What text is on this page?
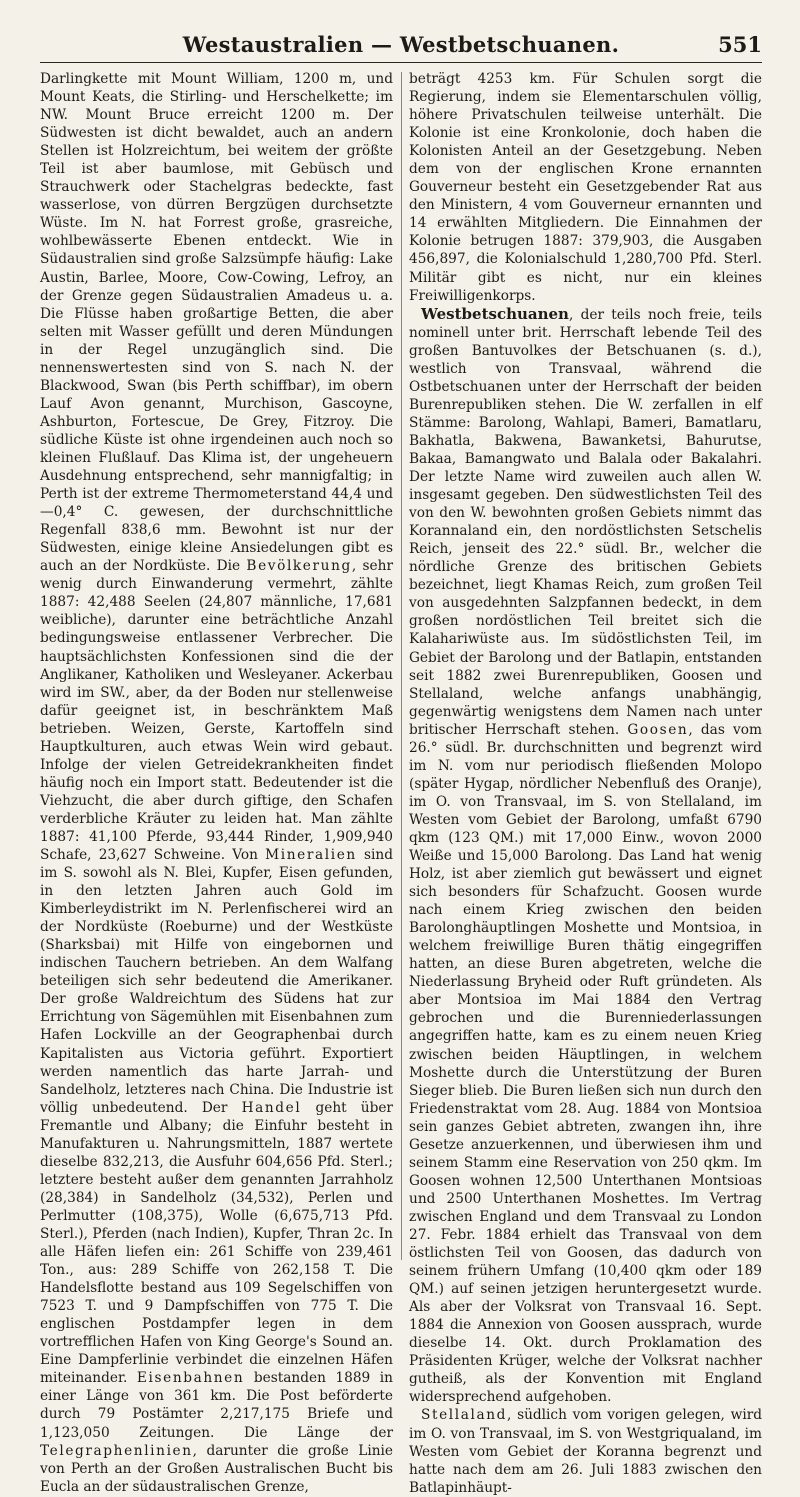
Westaustralien — Westbetschuanen.	551

Darlingkette mit Mount William, 1200 m, und Mount Keats, die Stirling- und Herschelkette; im NW. Mount Bruce erreicht 1200 m. Der Südwesten ist dicht bewaldet, auch an andern Stellen ist Holzreichtum, bei weitem der größte Teil ist aber baumlose, mit Gebüsch und Strauchwerk oder Stachelgras bedeckte, fast wasserlose, von dürren Bergzügen durchsetzte Wüste. Im N. hat Forrest große, grasreiche, wohlbewässerte Ebenen entdeckt. Wie in Südaustralien sind große Salzsümpfe häufig: Lake Austin, Barlee, Moore, Cow-Cowing, Lefroy, an der Grenze gegen Südaustralien Amadeus u. a. Die Flüsse haben großartige Betten, die aber selten mit Wasser gefüllt und deren Mündungen in der Regel unzugänglich sind. Die nennenswertesten sind von S. nach N. der Blackwood, Swan (bis Perth schiffbar), im obern Lauf Avon genannt, Murchison, Gascoyne, Ashburton, Fortescue, De Grey, Fitzroy. Die südliche Küste ist ohne irgendeinen auch noch so kleinen Flußlauf. Das Klima ist, der ungeheuern Ausdehnung entsprechend, sehr mannigfaltig; in Perth ist der extreme Thermometerstand 44,4 und —0,4° C. gewesen, der durchschnittliche Regenfall 838,6 mm. Bewohnt ist nur der Südwesten, einige kleine Ansiedelungen gibt es auch an der Nordküste. Die Bevölkerung, sehr wenig durch Einwanderung vermehrt, zählte 1887: 42,488 Seelen (24,807 männliche, 17,681 weibliche), darunter eine beträchtliche Anzahl bedingungsweise entlassener Verbrecher. Die hauptsächlichsten Konfessionen sind die der Anglikaner, Katholiken und Wesleyaner. Ackerbau wird im SW., aber, da der Boden nur stellenweise dafür geeignet ist, in beschränktem Maß betrieben. Weizen, Gerste, Kartoffeln sind Hauptkulturen, auch etwas Wein wird gebaut. Infolge der vielen Getreidekrankheiten findet häufig noch ein Import statt. Bedeutender ist die Viehzucht, die aber durch giftige, den Schafen verderbliche Kräuter zu leiden hat. Man zählte 1887: 41,100 Pferde, 93,444 Rinder, 1,909,940 Schafe, 23,627 Schweine. Von Mineralien sind im S. sowohl als N. Blei, Kupfer, Eisen gefunden, in den letzten Jahren auch Gold im Kimberleydistrikt im N. Perlenfischerei wird an der Nordküste (Roeburne) und der Westküste (Sharksbai) mit Hilfe von eingebornen und indischen Tauchern betrieben. An dem Walfang beteiligen sich sehr bedeutend die Amerikaner. Der große Waldreichtum des Südens hat zur Errichtung von Sägemühlen mit Eisenbahnen zum Hafen Lockville an der Geographenbai durch Kapitalisten aus Victoria geführt. Exportiert werden namentlich das harte Jarrah- und Sandelholz, letzteres nach China. Die Industrie ist völlig unbedeutend. Der Handel geht über Fremantle und Albany; die Einfuhr besteht in Manufakturen u. Nahrungsmitteln, 1887 wertete dieselbe 832,213, die Ausfuhr 604,656 Pfd. Sterl.; letztere besteht außer dem genannten Jarrahholz (28,384) in Sandelholz (34,532), Perlen und Perlmutter (108,375), Wolle (6,675,713 Pfd. Sterl.), Pferden (nach Indien), Kupfer, Thran 2c. In alle Häfen liefen ein: 261 Schiffe von 239,461 Ton., aus: 289 Schiffe von 262,158 T. Die Handelsflotte bestand aus 109 Segelschiffen von 7523 T. und 9 Dampfschiffen von 775 T. Die englischen Postdampfer legen in dem vortrefflichen Hafen von King George's Sound an. Eine Dampferlinie verbindet die einzelnen Häfen miteinander. Eisenbahnen bestanden 1889 in einer Länge von 361 km. Die Post beförderte durch 79 Postämter 2,217,175 Briefe und 1,123,050 Zeitungen. Die Länge der Telegraphenlinien, darunter die große Linie von Perth an der Großen Australischen Bucht bis Eucla an der südaustralischen Grenze,

beträgt 4253 km. Für Schulen sorgt die Regierung, indem sie Elementarschulen völlig, höhere Privatschulen teilweise unterhält. Die Kolonie ist eine Kronkolonie, doch haben die Kolonisten Anteil an der Gesetzgebung. Neben dem von der englischen Krone ernannten Gouverneur besteht ein Gesetzgebender Rat aus den Ministern, 4 vom Gouverneur ernannten und 14 erwählten Mitgliedern. Die Einnahmen der Kolonie betrugen 1887: 379,903, die Ausgaben 456,897, die Kolonialschuld 1,280,700 Pfd. Sterl. Militär gibt es nicht, nur ein kleines Freiwilligenkorps.

Westbetschuanen, der teils noch freie, teils nominell unter brit. Herrschaft lebende Teil des großen Bantuvolkes der Betschuanen (s. d.), westlich von Transvaal, während die Ostbetschuanen unter der Herrschaft der beiden Burenrepubliken stehen. Die W. zerfallen in elf Stämme: Barolong, Wahlapi, Bameri, Bamatlaru, Bakhatla, Bakwena, Bawanketsi, Bahurutse, Bakaa, Bamangwato und Balala oder Bakalahri. Der letzte Name wird zuweilen auch allen W. insgesamt gegeben. Den südwestlichsten Teil des von den W. bewohnten großen Gebiets nimmt das Korannaland ein, den nordöstlichsten Setschelis Reich, jenseit des 22.° südl. Br., welcher die nördliche Grenze des britischen Gebiets bezeichnet, liegt Khamas Reich, zum großen Teil von ausgedehnten Salzpfannen bedeckt, in dem großen nordöstlichen Teil breitet sich die Kalahariwüste aus. Im südöstlichsten Teil, im Gebiet der Barolong und der Batlapin, entstanden seit 1882 zwei Burenrepubliken, Goosen und Stellaland, welche anfangs unabhängig, gegenwärtig wenigstens dem Namen nach unter britischer Herrschaft stehen. Goosen, das vom 26.° südl. Br. durchschnitten und begrenzt wird im N. vom nur periodisch fließenden Molopo (später Hygap, nördlicher Nebenfluß des Oranje), im O. von Transvaal, im S. von Stellaland, im Westen vom Gebiet der Barolong, umfaßt 6790 qkm (123 QM.) mit 17,000 Einw., wovon 2000 Weiße und 15,000 Barolong. Das Land hat wenig Holz, ist aber ziemlich gut bewässert und eignet sich besonders für Schafzucht. Goosen wurde nach einem Krieg zwischen den beiden Barolonghäuptlingen Moshette und Montsioa, in welchem freiwillige Buren thätig eingegriffen hatten, an diese Buren abgetreten, welche die Niederlassung Bryheid oder Ruft gründeten. Als aber Montsioa im Mai 1884 den Vertrag gebrochen und die Burenniederlassungen angegriffen hatte, kam es zu einem neuen Krieg zwischen beiden Häuptlingen, in welchem Moshette durch die Unterstützung der Buren Sieger blieb. Die Buren ließen sich nun durch den Friedenstraktat vom 28. Aug. 1884 von Montsioa sein ganzes Gebiet abtreten, zwangen ihn, ihre Gesetze anzuerkennen, und überwiesen ihm und seinem Stamm eine Reservation von 250 qkm. Im Goosen wohnen 12,500 Unterthanen Montsioas und 2500 Unterthanen Moshettes. Im Vertrag zwischen England und dem Transvaal zu London 27. Febr. 1884 erhielt das Transvaal von dem östlichsten Teil von Goosen, das dadurch von seinem frühern Umfang (10,400 qkm oder 189 QM.) auf seinen jetzigen heruntergesetzt wurde. Als aber der Volksrat von Transvaal 16. Sept. 1884 die Annexion von Goosen aussprach, wurde dieselbe 14. Okt. durch Proklamation des Präsidenten Krüger, welche der Volksrat nachher gutheiß, als der Konvention mit England widersprechend aufgehoben.

Stellaland, südlich vom vorigen gelegen, wird im O. von Transvaal, im S. von Westgriqualand, im Westen vom Gebiet der Koranna begrenzt und hatte nach dem am 26. Juli 1883 zwischen den Batlapinhäupt-
